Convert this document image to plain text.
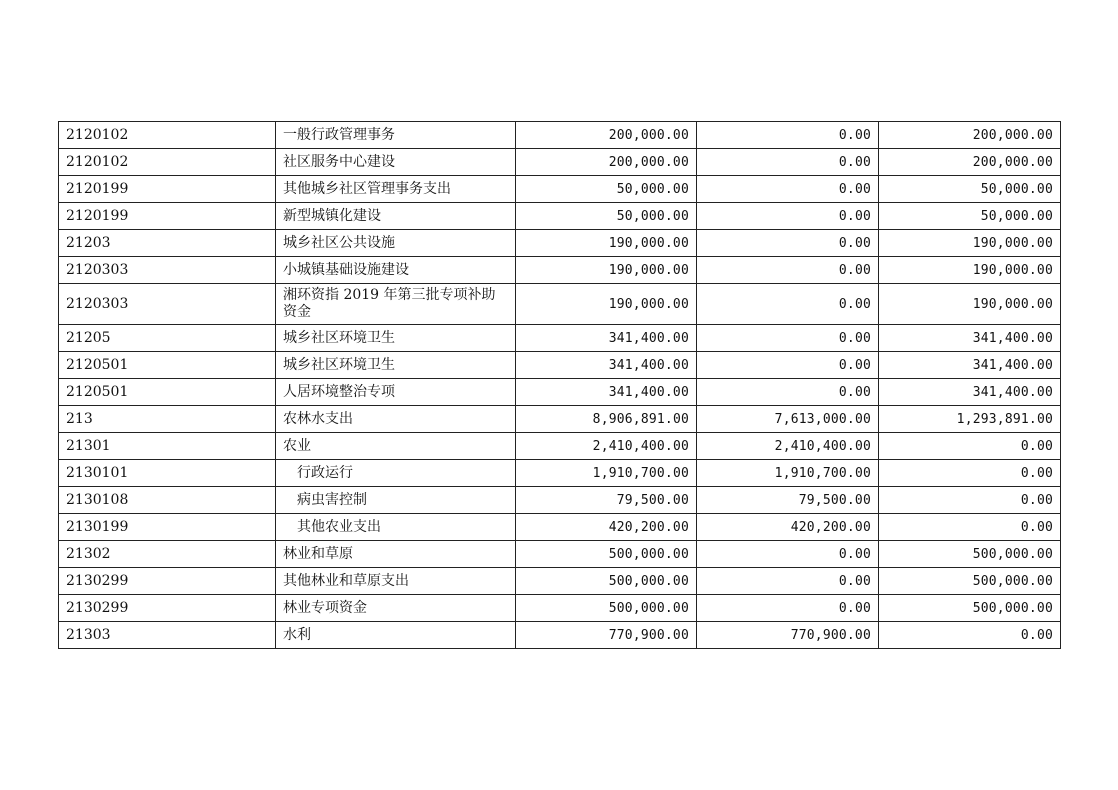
2120102	一般行政管理事务	200,000.00	0.00	200,000.00
2120102	社区服务中心建设	200,000.00	0.00	200,000.00
2120199	其他城乡社区管理事务支出	50,000.00	0.00	50,000.00
2120199	新型城镇化建设	50,000.00	0.00	50,000.00
21203	城乡社区公共设施	190,000.00	0.00	190,000.00
2120303	小城镇基础设施建设	190,000.00	0.00	190,000.00
2120303	湘环资指 2019 年第三批专项补助资金	190,000.00	0.00	190,000.00
21205	城乡社区环境卫生	341,400.00	0.00	341,400.00
2120501	城乡社区环境卫生	341,400.00	0.00	341,400.00
2120501	人居环境整治专项	341,400.00	0.00	341,400.00
213	农林水支出	8,906,891.00	7,613,000.00	1,293,891.00
21301	农业	2,410,400.00	2,410,400.00	0.00
2130101	行政运行	1,910,700.00	1,910,700.00	0.00
2130108	病虫害控制	79,500.00	79,500.00	0.00
2130199	其他农业支出	420,200.00	420,200.00	0.00
21302	林业和草原	500,000.00	0.00	500,000.00
2130299	其他林业和草原支出	500,000.00	0.00	500,000.00
2130299	林业专项资金	500,000.00	0.00	500,000.00
21303	水利	770,900.00	770,900.00	0.00
